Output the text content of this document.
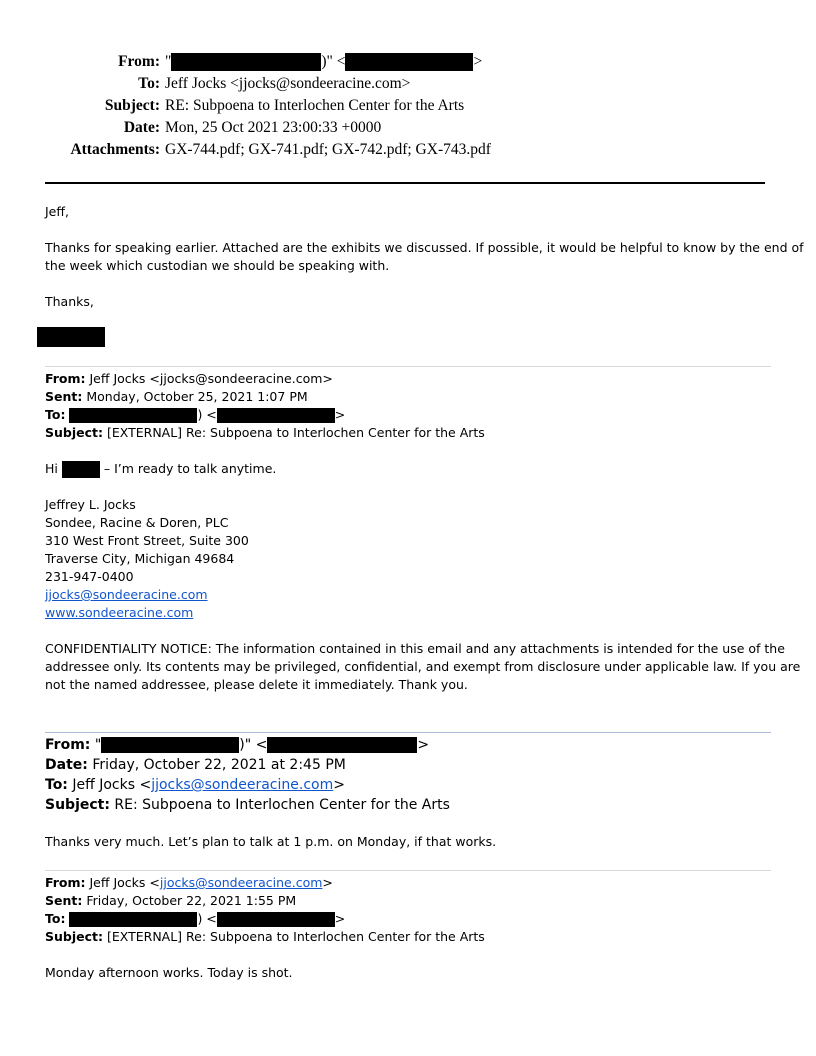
From: "	)" <	>
To: Jeff Jocks <jjocks@sondeeracine.com>
Subject: RE: Subpoena to Interlochen Center for the Arts
Date: Mon, 25 Oct 2021 23:00:33 +0000
Attachments: GX-744.pdf; GX-741.pdf; GX-742.pdf; GX-743.pdf
Jeff,
Thanks for speaking earlier. Attached are the exhibits we discussed. If possible, it would be helpful to know by the end of
the week which custodian we should be speaking with.
Thanks,
From: Jeff Jocks <jjocks@sondeeracine.com>
Sent: Monday, October 25, 2021 1:07 PM
To:	) <	>
Subject: [EXTERNAL] Re: Subpoena to Interlochen Center for the Arts
Hi	– I’m ready to talk anytime.
Jeffrey L. Jocks
Sondee, Racine & Doren, PLC
310 West Front Street, Suite 300
Traverse City, Michigan 49684
231-947-0400
jjocks@sondeeracine.com
www.sondeeracine.com
CONFIDENTIALITY NOTICE: The information contained in this email and any attachments is intended for the use of the
addressee only. Its contents may be privileged, confidential, and exempt from disclosure under applicable law. If you are
not the named addressee, please delete it immediately. Thank you.
From: "	)" <	>
Date: Friday, October 22, 2021 at 2:45 PM
To: Jeff Jocks <jjocks@sondeeracine.com>
Subject: RE: Subpoena to Interlochen Center for the Arts
Thanks very much. Let’s plan to talk at 1 p.m. on Monday, if that works.
From: Jeff Jocks <jjocks@sondeeracine.com>
Sent: Friday, October 22, 2021 1:55 PM
To:	) <	>
Subject: [EXTERNAL] Re: Subpoena to Interlochen Center for the Arts
Monday afternoon works. Today is shot.
